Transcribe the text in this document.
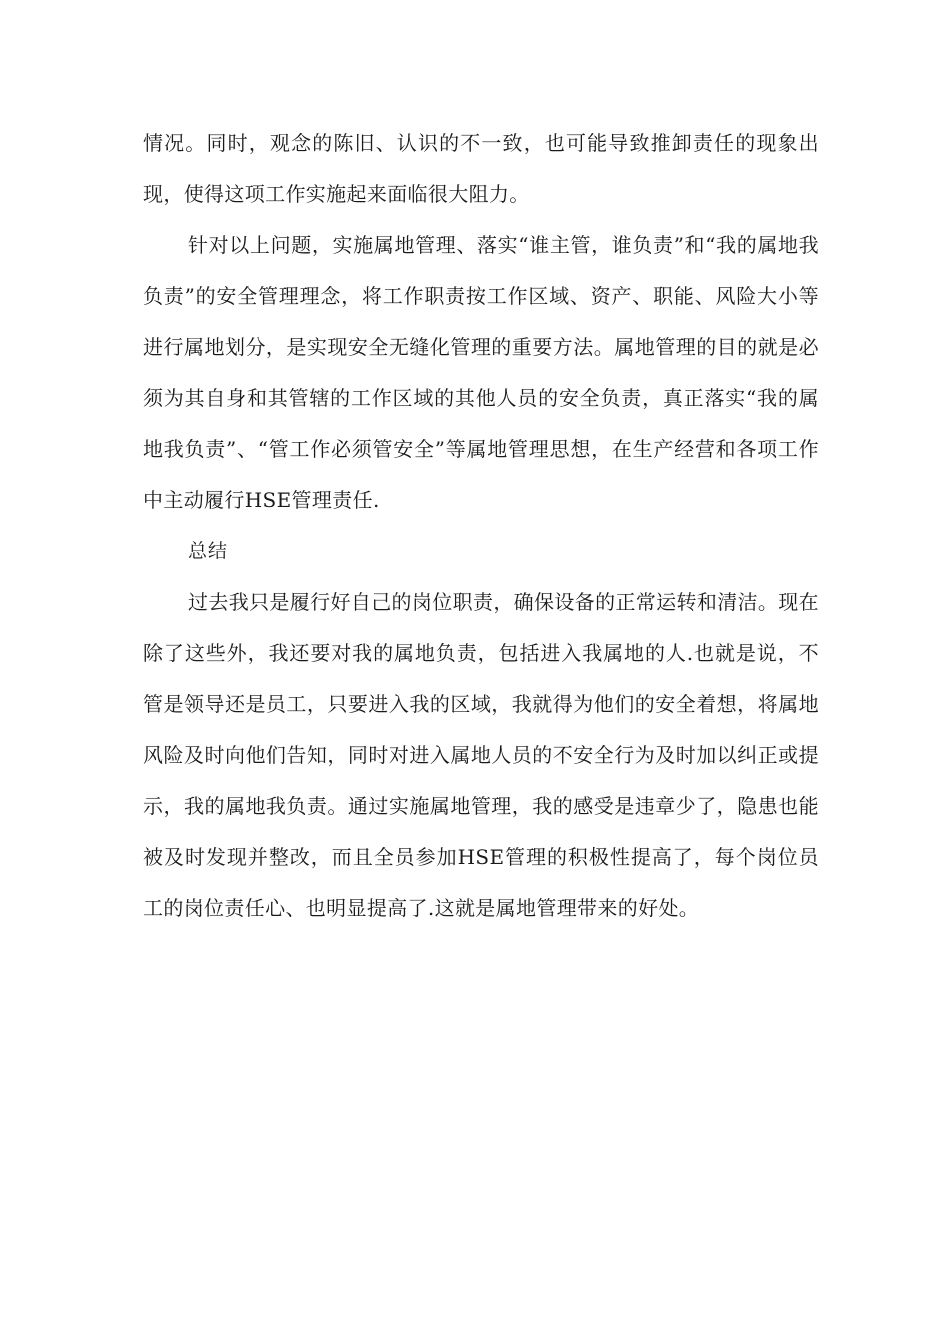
情况。同时，观念的陈旧、认识的不一致，也可能导致推卸责任的现象出现，使得这项工作实施起来面临很大阻力。

针对以上问题，实施属地管理、落实“谁主管，谁负责”和“我的属地我负责”的安全管理理念，将工作职责按工作区域、资产、职能、风险大小等进行属地划分，是实现安全无缝化管理的重要方法。属地管理的目的就是必须为其自身和其管辖的工作区域的其他人员的安全负责，真正落实“我的属地我负责”、“管工作必须管安全”等属地管理思想，在生产经营和各项工作中主动履行HSE管理责任.

总结

过去我只是履行好自己的岗位职责，确保设备的正常运转和清洁。现在除了这些外，我还要对我的属地负责，包括进入我属地的人.也就是说，不管是领导还是员工，只要进入我的区域，我就得为他们的安全着想，将属地风险及时向他们告知，同时对进入属地人员的不安全行为及时加以纠正或提示，我的属地我负责。通过实施属地管理，我的感受是违章少了，隐患也能被及时发现并整改，而且全员参加HSE管理的积极性提高了，每个岗位员工的岗位责任心、也明显提高了.这就是属地管理带来的好处。
